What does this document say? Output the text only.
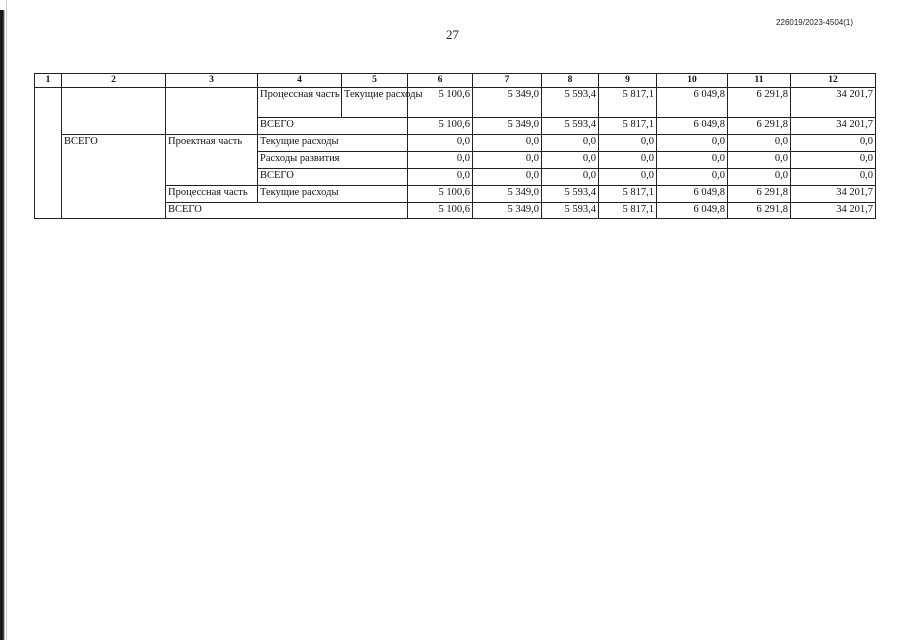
226019/2023-4504(1)
27
1	2	3	4	5	6	7	8	9	10	11	12
			Процессная часть	Текущие расходы	5 100,6	5 349,0	5 593,4	5 817,1	6 049,8	6 291,8	34 201,7
			ВСЕГО		5 100,6	5 349,0	5 593,4	5 817,1	6 049,8	6 291,8	34 201,7
	ВСЕГО	Проектная часть	Текущие расходы		0,0	0,0	0,0	0,0	0,0	0,0	0,0
			Расходы развития		0,0	0,0	0,0	0,0	0,0	0,0	0,0
			ВСЕГО		0,0	0,0	0,0	0,0	0,0	0,0	0,0
		Процессная часть	Текущие расходы		5 100,6	5 349,0	5 593,4	5 817,1	6 049,8	6 291,8	34 201,7
		ВСЕГО			5 100,6	5 349,0	5 593,4	5 817,1	6 049,8	6 291,8	34 201,7
